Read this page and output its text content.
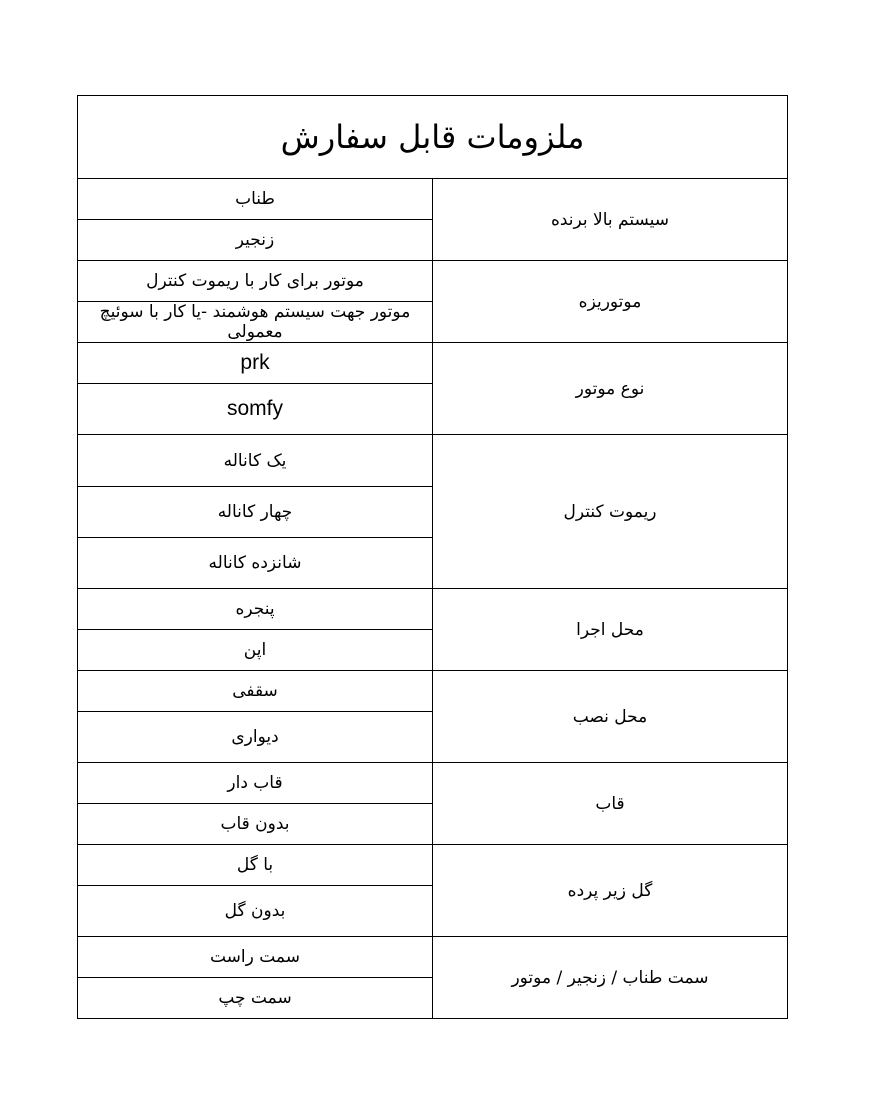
ملزومات قابل سفارش	
سیستم بالا برنده	طناب
	زنجیر
موتوریزه	موتور برای کار با ریموت کنترل
	موتور جهت سیستم هوشمند -یا کار با سوئیچ معمولی
نوع موتور	prk
	somfy
ریموت کنترل	یک کاناله
	چهار کاناله
	شانزده کاناله
محل اجرا	پنجره
	اپن
محل نصب	سقفی
	دیواری
قاب	قاب دار
	بدون قاب
گل زیر پرده	با گل
	بدون گل
سمت طناب / زنجیر / موتور	سمت راست
	سمت چپ
